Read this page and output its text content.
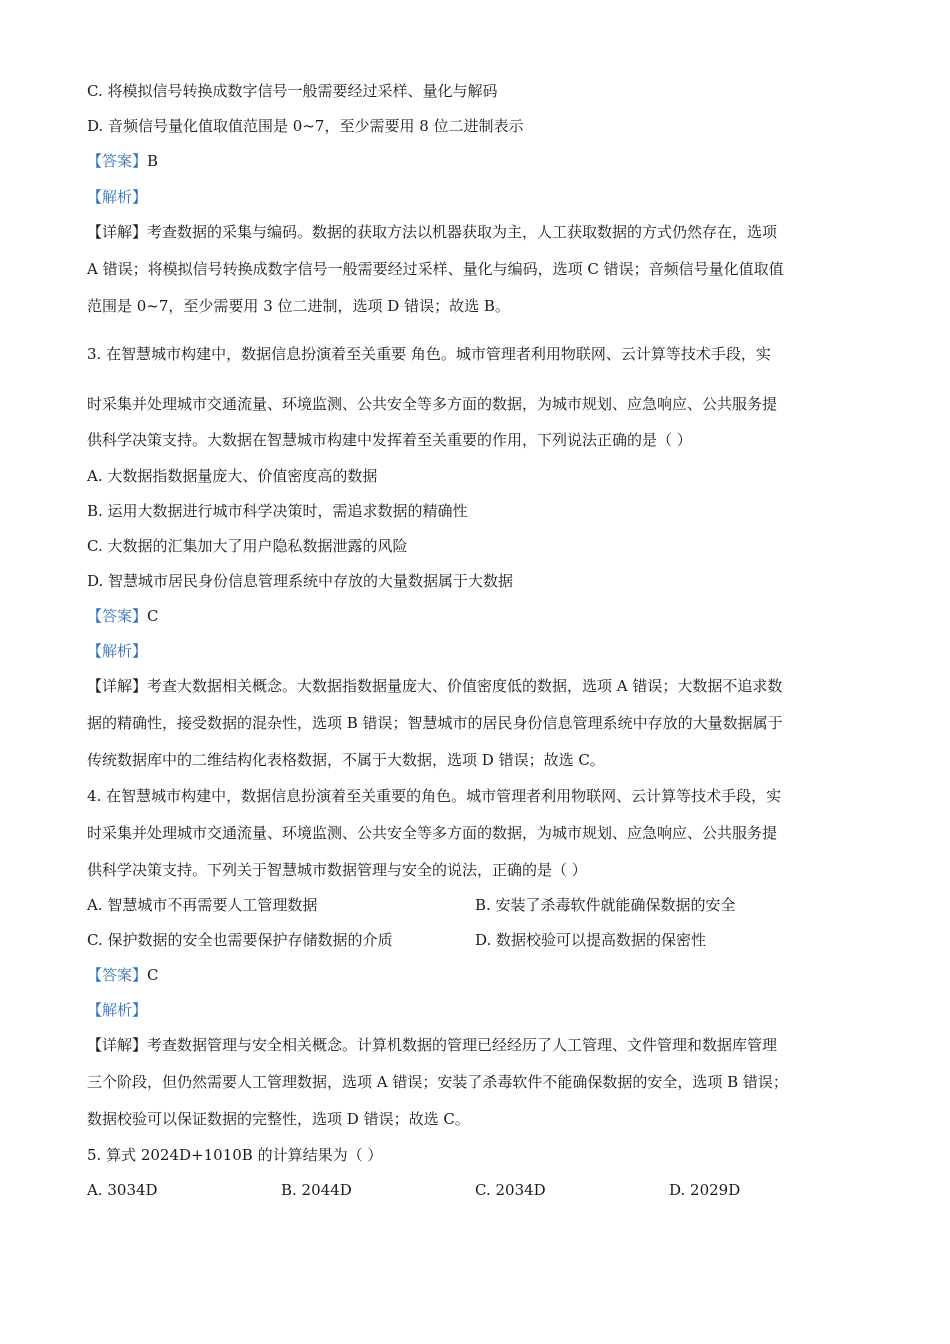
C. 将模拟信号转换成数字信号一般需要经过采样、量化与解码
D. 音频信号量化值取值范围是 0~7，至少需要用 8 位二进制表示
【答案】B
【解析】
【详解】考查数据的采集与编码。数据的获取方法以机器获取为主，人工获取数据的方式仍然存在，选项
A 错误；将模拟信号转换成数字信号一般需要经过采样、量化与编码，选项 C 错误；音频信号量化值取值
范围是 0~7，至少需要用 3 位二进制，选项 D 错误；故选 B。
3. 在智慧城市构建中，数据信息扮演着至关重要 角色。城市管理者利用物联网、云计算等技术手段，实
时采集并处理城市交通流量、环境监测、公共安全等多方面的数据，为城市规划、应急响应、公共服务提
供科学决策支持。大数据在智慧城市构建中发挥着至关重要的作用，下列说法正确的是（ ）
A. 大数据指数据量庞大、价值密度高的数据
B. 运用大数据进行城市科学决策时，需追求数据的精确性
C. 大数据的汇集加大了用户隐私数据泄露的风险
D. 智慧城市居民身份信息管理系统中存放的大量数据属于大数据
【答案】C
【解析】
【详解】考查大数据相关概念。大数据指数据量庞大、价值密度低的数据，选项 A 错误；大数据不追求数
据的精确性，接受数据的混杂性，选项 B 错误；智慧城市的居民身份信息管理系统中存放的大量数据属于
传统数据库中的二维结构化表格数据，不属于大数据，选项 D 错误；故选 C。
4. 在智慧城市构建中，数据信息扮演着至关重要的角色。城市管理者利用物联网、云计算等技术手段，实
时采集并处理城市交通流量、环境监测、公共安全等多方面的数据，为城市规划、应急响应、公共服务提
供科学决策支持。下列关于智慧城市数据管理与安全的说法，正确的是（ ）
A. 智慧城市不再需要人工管理数据	B. 安装了杀毒软件就能确保数据的安全
C. 保护数据的安全也需要保护存储数据的介质	D. 数据校验可以提高数据的保密性
【答案】C
【解析】
【详解】考查数据管理与安全相关概念。计算机数据的管理已经经历了人工管理、文件管理和数据库管理
三个阶段，但仍然需要人工管理数据，选项 A 错误；安装了杀毒软件不能确保数据的安全，选项 B 错误；
数据校验可以保证数据的完整性，选项 D 错误；故选 C。
5. 算式 2024D+1010B 的计算结果为（ ）
A. 3034D	B. 2044D	C. 2034D	D. 2029D
